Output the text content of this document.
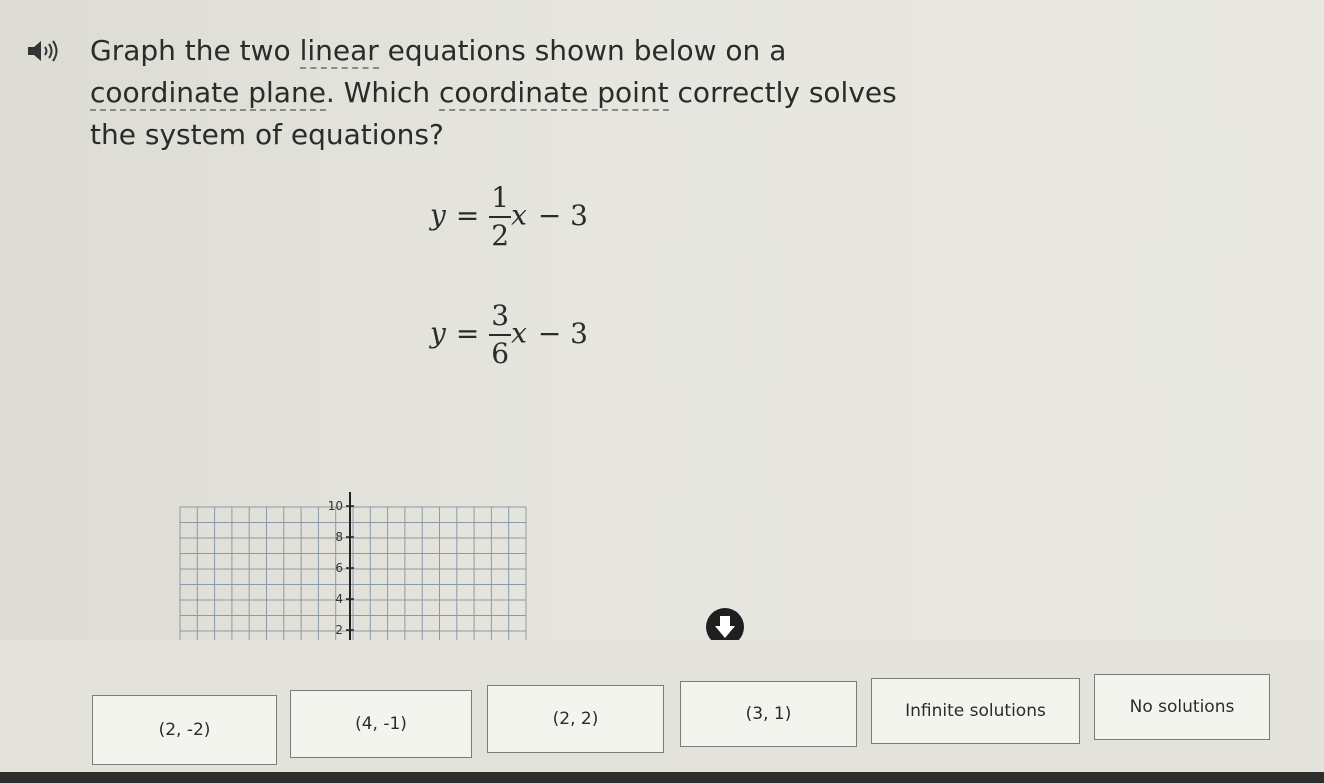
Graph the two linear equations shown below on a
coordinate plane. Which coordinate point correctly solves
the system of equations?
$y = \frac{1}{2}$ x − 3
$y = \frac{3}{6}$ x − 3
10
8
6
4
2
(2, -2)	(4, -1)	(2, 2)	(3, 1)	Infinite solutions	No solutions
